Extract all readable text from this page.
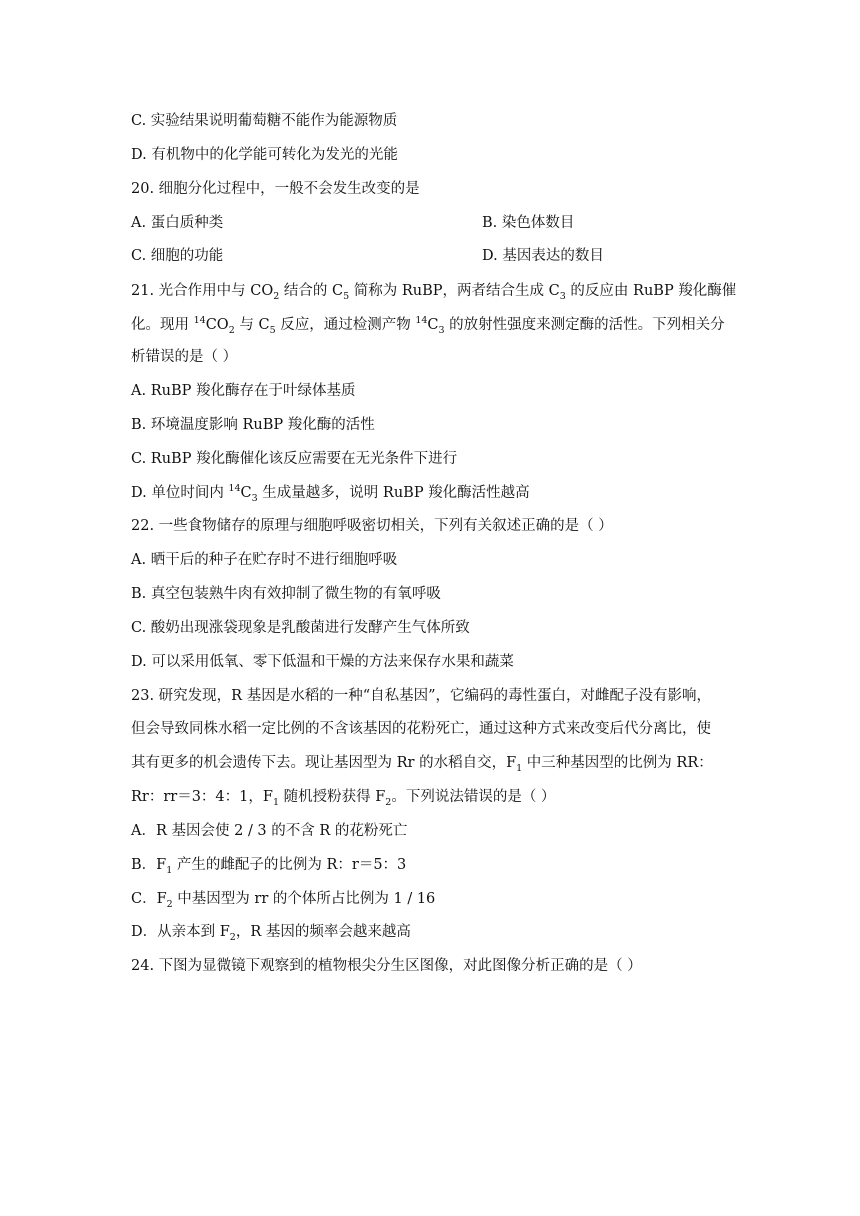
C. 实验结果说明葡萄糖不能作为能源物质
D. 有机物中的化学能可转化为发光的光能
20. 细胞分化过程中，一般不会发生改变的是
A. 蛋白质种类	B. 染色体数目
C. 细胞的功能	D. 基因表达的数目
21. 光合作用中与 $CO_2$ 结合的 $C_5$ 简称为 RuBP，两者结合生成 $C_3$ 的反应由 RuBP 羧化酶催
化。现用 $^{14}CO_2$ 与 $C_5$ 反应，通过检测产物 $^{14}C_3$ 的放射性强度来测定酶的活性。下列相关分
析错误的是（ ）
A. RuBP 羧化酶存在于叶绿体基质
B. 环境温度影响 RuBP 羧化酶的活性
C. RuBP 羧化酶催化该反应需要在无光条件下进行
D. 单位时间内 $^{14}C_3$ 生成量越多，说明 RuBP 羧化酶活性越高
22. 一些食物储存的原理与细胞呼吸密切相关，下列有关叙述正确的是（ ）
A. 晒干后的种子在贮存时不进行细胞呼吸
B. 真空包装熟牛肉有效抑制了微生物的有氧呼吸
C. 酸奶出现涨袋现象是乳酸菌进行发酵产生气体所致
D. 可以采用低氧、零下低温和干燥的方法来保存水果和蔬菜
23. 研究发现，R 基因是水稻的一种“自私基因”，它编码的毒性蛋白，对雌配子没有影响，
但会导致同株水稻一定比例的不含该基因的花粉死亡，通过这种方式来改变后代分离比，使
其有更多的机会遗传下去。现让基因型为 Rr 的水稻自交，$F_1$ 中三种基因型的比例为 RR：
Rr：rr＝3：4：1，$F_1$ 随机授粉获得 $F_2$。下列说法错误的是（ ）
A．R 基因会使 2 / 3 的不含 R 的花粉死亡
B．$F_1$ 产生的雌配子的比例为 R：r＝5：3
C．$F_2$ 中基因型为 rr 的个体所占比例为 1 / 16
D．从亲本到 $F_2$，R 基因的频率会越来越高
24. 下图为显微镜下观察到的植物根尖分生区图像，对此图像分析正确的是（ ）
